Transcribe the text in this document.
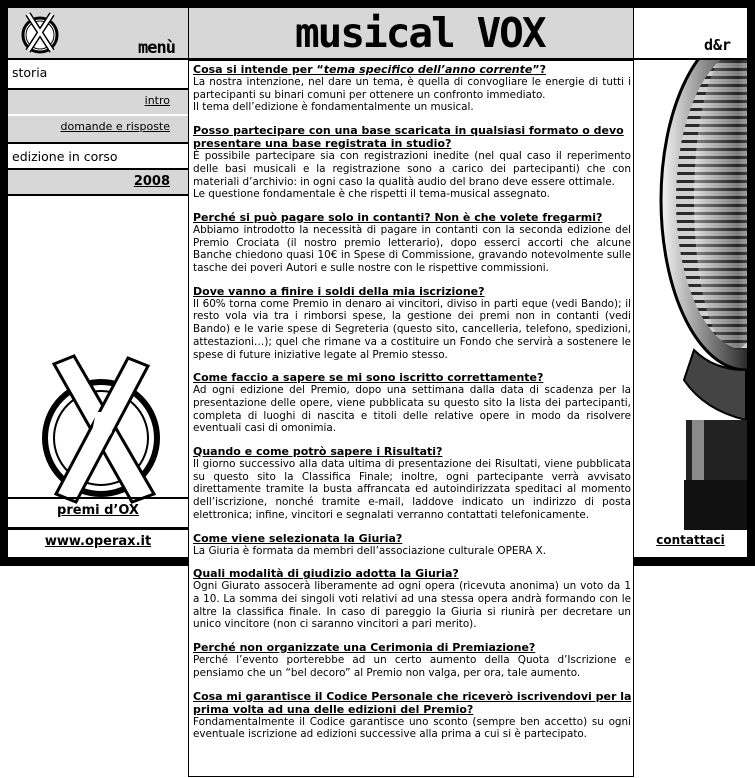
menù	musical VOX	d&r
storia
intro
domande e risposte
edizione in corso
2008
premi d’OX
www.operax.it	contattaci

Cosa si intende per “tema specifico dell’anno corrente”?

La nostra intenzione, nel dare un tema, è quella di convogliare le energie di tutti i partecipanti su binari comuni per ottenere un confronto immediato.
Il tema dell’edizione è fondamentalmente un musical.

Posso partecipare con una base scaricata in qualsiasi formato o devo presentare una base registrata in studio?

È possibile partecipare sia con registrazioni inedite (nel qual caso il reperimento delle basi musicali e la registrazione sono a carico dei partecipanti) che con materiali d’archivio: in ogni caso la qualità audio del brano deve essere ottimale.
Le questione fondamentale è che rispetti il tema-musical assegnato.

Perché si può pagare solo in contanti? Non è che volete fregarmi?

Abbiamo introdotto la necessità di pagare in contanti con la seconda edizione del Premio Crociata (il nostro premio letterario), dopo esserci accorti che alcune Banche chiedono quasi 10€ in Spese di Commissione, gravando notevolmente sulle tasche dei poveri Autori e sulle nostre con le rispettive commissioni.

Dove vanno a finire i soldi della mia iscrizione?

Il 60% torna come Premio in denaro ai vincitori, diviso in parti eque (vedi Bando); il resto vola via tra i rimborsi spese, la gestione dei premi non in contanti (vedi Bando) e le varie spese di Segreteria (questo sito, cancelleria, telefono, spedizioni, attestazioni…); quel che rimane va a costituire un Fondo che servirà a sostenere le spese di future iniziative legate al Premio stesso.

Come faccio a sapere se mi sono iscritto correttamente?

Ad ogni edizione del Premio, dopo una settimana dalla data di scadenza per la presentazione delle opere, viene pubblicata su questo sito la lista dei partecipanti, completa di luoghi di nascita e titoli delle relative opere in modo da risolvere eventuali casi di omonimia.

Quando e come potrò sapere i Risultati?

Il giorno successivo alla data ultima di presentazione dei Risultati, viene pubblicata su questo sito la Classifica Finale; inoltre, ogni partecipante verrà avvisato direttamente tramite la busta affrancata ed autoindirizzata speditaci al momento dell’iscrizione, nonché tramite e-mail, laddove indicato un indirizzo di posta elettronica; infine, vincitori e segnalati verranno contattati telefonicamente.

Come viene selezionata la Giuria?

La Giuria è formata da membri dell’associazione culturale OPERA X.

Quali modalità di giudizio adotta la Giuria?

Ogni Giurato assocerà liberamente ad ogni opera (ricevuta anonima) un voto da 1 a 10. La somma dei singoli voti relativi ad una stessa opera andrà formando con le altre la classifica finale. In caso di pareggio la Giuria si riunirà per decretare un unico vincitore (non ci saranno vincitori a pari merito).

Perché non organizzate una Cerimonia di Premiazione?

Perché l’evento porterebbe ad un certo aumento della Quota d’Iscrizione e pensiamo che un “bel decoro” al Premio non valga, per ora, tale aumento.

Cosa mi garantisce il Codice Personale che riceverò iscrivendovi per la prima volta ad una delle edizioni del Premio?

Fondamentalmente il Codice garantisce uno sconto (sempre ben accetto) su ogni eventuale iscrizione ad edizioni successive alla prima a cui si è partecipato.
